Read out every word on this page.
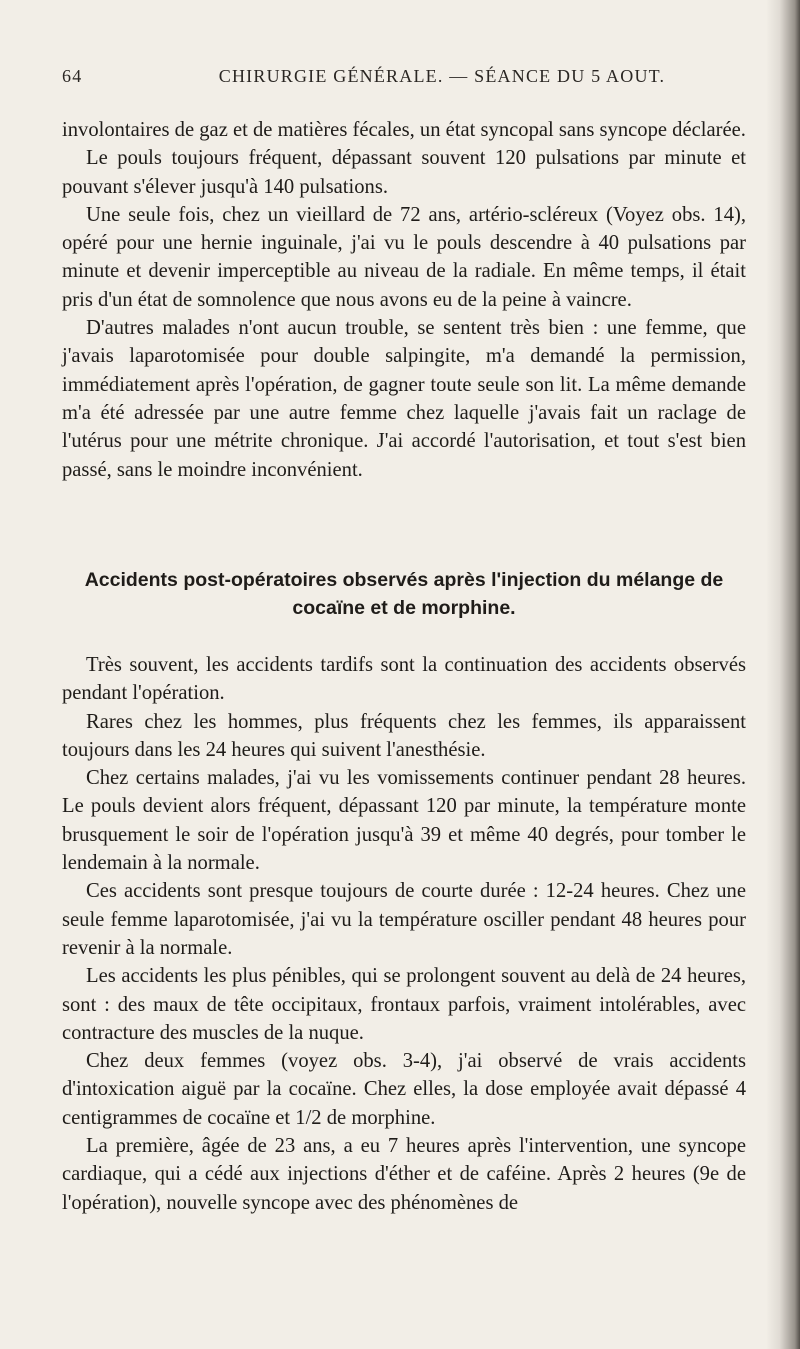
64	CHIRURGIE GÉNÉRALE. — SÉANCE DU 5 AOUT.

involontaires de gaz et de matières fécales, un état syncopal sans syncope déclarée.

Le pouls toujours fréquent, dépassant souvent 120 pulsations par minute et pouvant s'élever jusqu'à 140 pulsations.

Une seule fois, chez un vieillard de 72 ans, artério-scléreux (Voyez obs. 14), opéré pour une hernie inguinale, j'ai vu le pouls descendre à 40 pulsations par minute et devenir imperceptible au niveau de la radiale. En même temps, il était pris d'un état de somnolence que nous avons eu de la peine à vaincre.

D'autres malades n'ont aucun trouble, se sentent très bien : une femme, que j'avais laparotomisée pour double salpingite, m'a demandé la permission, immédiatement après l'opération, de gagner toute seule son lit. La même demande m'a été adressée par une autre femme chez laquelle j'avais fait un raclage de l'utérus pour une métrite chronique. J'ai accordé l'autorisation, et tout s'est bien passé, sans le moindre inconvénient.

Accidents post-opératoires observés après l'injection du mélange de cocaïne et de morphine.

Très souvent, les accidents tardifs sont la continuation des accidents observés pendant l'opération.

Rares chez les hommes, plus fréquents chez les femmes, ils apparaissent toujours dans les 24 heures qui suivent l'anesthésie.

Chez certains malades, j'ai vu les vomissements continuer pendant 28 heures. Le pouls devient alors fréquent, dépassant 120 par minute, la température monte brusquement le soir de l'opération jusqu'à 39 et même 40 degrés, pour tomber le lendemain à la normale.

Ces accidents sont presque toujours de courte durée : 12-24 heures. Chez une seule femme laparotomisée, j'ai vu la température osciller pendant 48 heures pour revenir à la normale.

Les accidents les plus pénibles, qui se prolongent souvent au delà de 24 heures, sont : des maux de tête occipitaux, frontaux parfois, vraiment intolérables, avec contracture des muscles de la nuque.

Chez deux femmes (voyez obs. 3-4), j'ai observé de vrais accidents d'intoxication aiguë par la cocaïne. Chez elles, la dose employée avait dépassé 4 centigrammes de cocaïne et 1/2 de morphine.

La première, âgée de 23 ans, a eu 7 heures après l'intervention, une syncope cardiaque, qui a cédé aux injections d'éther et de caféine. Après 2 heures (9e de l'opération), nouvelle syncope avec des phénomènes de
